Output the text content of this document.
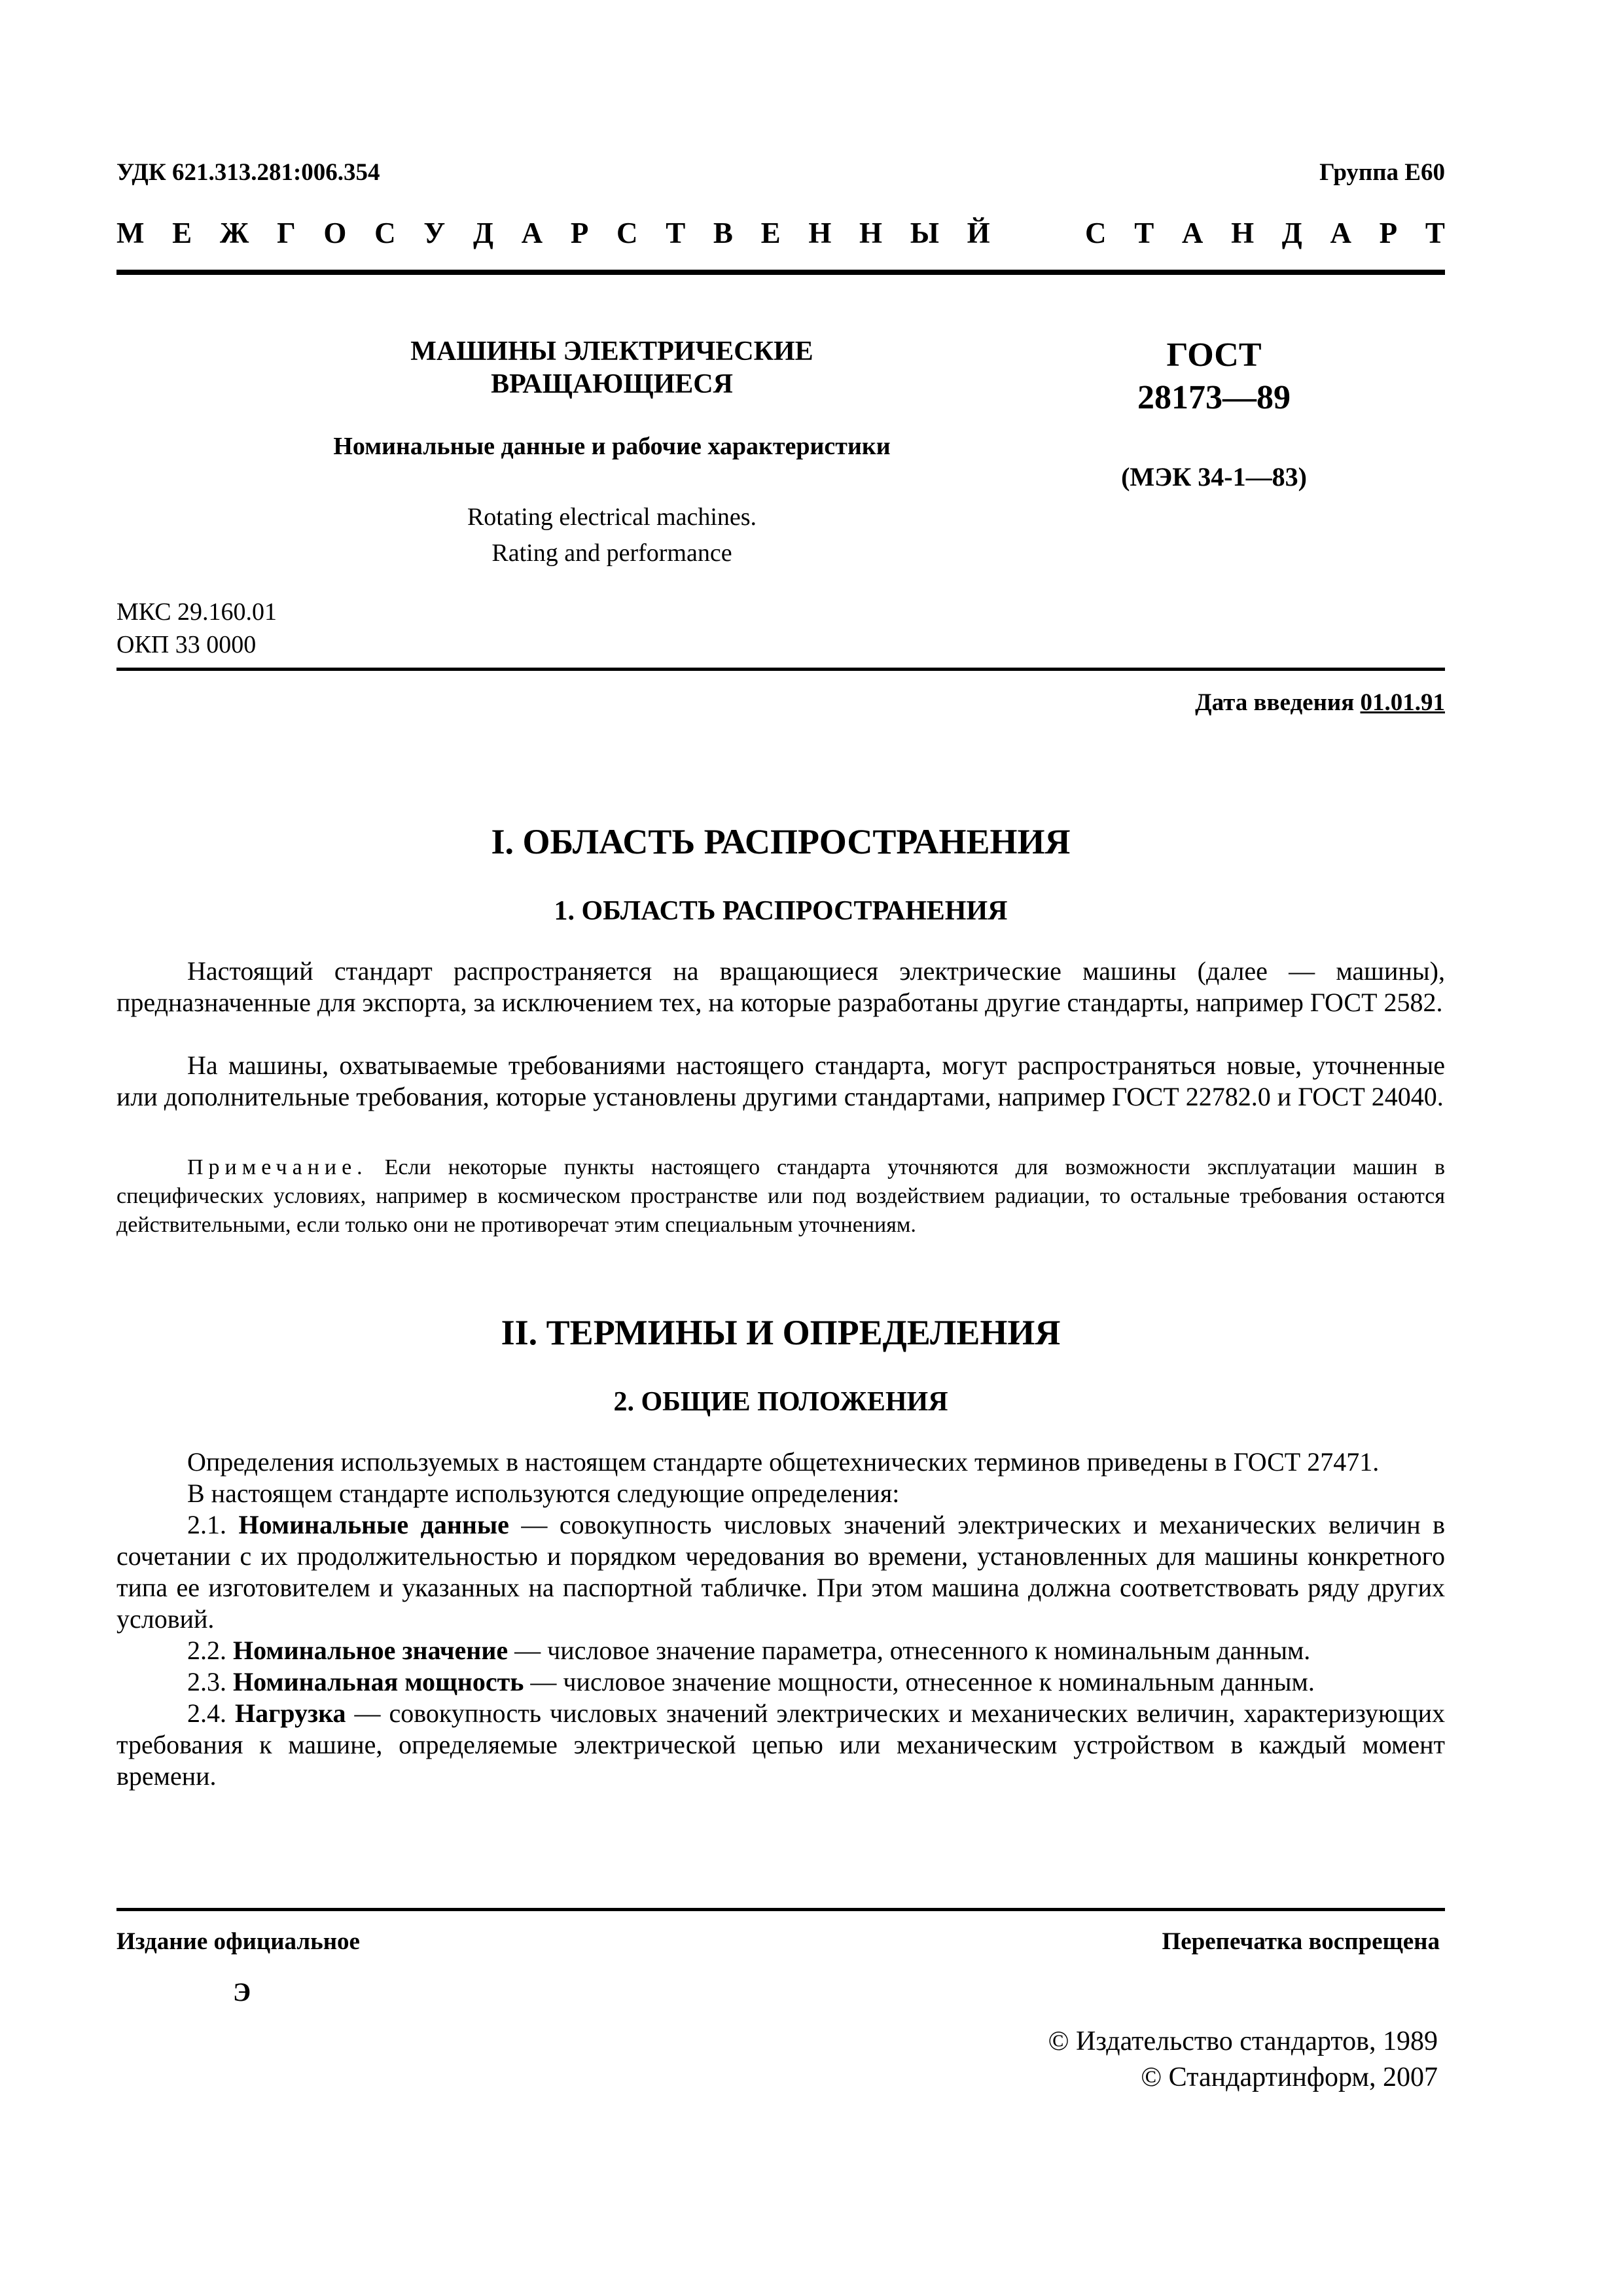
УДК 621.313.281:006.354	Группа Е60
М Е Ж Г О С У Д А Р С Т В Е Н Н Ы Й	С Т А Н Д А Р Т
МАШИНЫ ЭЛЕКТРИЧЕСКИЕ
ВРАЩАЮЩИЕСЯ
Номинальные данные и рабочие характеристики
Rotating electrical machines.
Rating and performance
ГОСТ
28173—89
(МЭК 34-1—83)
МКС 29.160.01
ОКП 33 0000
Дата введения 01.01.91
I. ОБЛАСТЬ РАСПРОСТРАНЕНИЯ
1. ОБЛАСТЬ РАСПРОСТРАНЕНИЯ
Настоящий стандарт распространяется на вращающиеся электрические машины (далее — машины), предназначенные для экспорта, за исключением тех, на которые разработаны другие стандарты, например ГОСТ 2582.
На машины, охватываемые требованиями настоящего стандарта, могут распространяться новые, уточненные или дополнительные требования, которые установлены другими стандартами, например ГОСТ 22782.0 и ГОСТ 24040.
Примечание. Если некоторые пункты настоящего стандарта уточняются для возможности эксплуатации машин в специфических условиях, например в космическом пространстве или под воздействием радиации, то остальные требования остаются действительными, если только они не противоречат этим специальным уточнениям.
II. ТЕРМИНЫ И ОПРЕДЕЛЕНИЯ
2. ОБЩИЕ ПОЛОЖЕНИЯ
Определения используемых в настоящем стандарте общетехнических терминов приведены в ГОСТ 27471.
В настоящем стандарте используются следующие определения:
2.1. Номинальные данные — совокупность числовых значений электрических и механических величин в сочетании с их продолжительностью и порядком чередования во времени, установленных для машины конкретного типа ее изготовителем и указанных на паспортной табличке. При этом машина должна соответствовать ряду других условий.
2.2. Номинальное значение — числовое значение параметра, отнесенного к номинальным данным.
2.3. Номинальная мощность — числовое значение мощности, отнесенное к номинальным данным.
2.4. Нагрузка — совокупность числовых значений электрических и механических величин, характеризующих требования к машине, определяемые электрической цепью или механическим устройством в каждый момент времени.
Издание официальное	Перепечатка воспрещена
Э
© Издательство стандартов, 1989
© Стандартинформ, 2007
